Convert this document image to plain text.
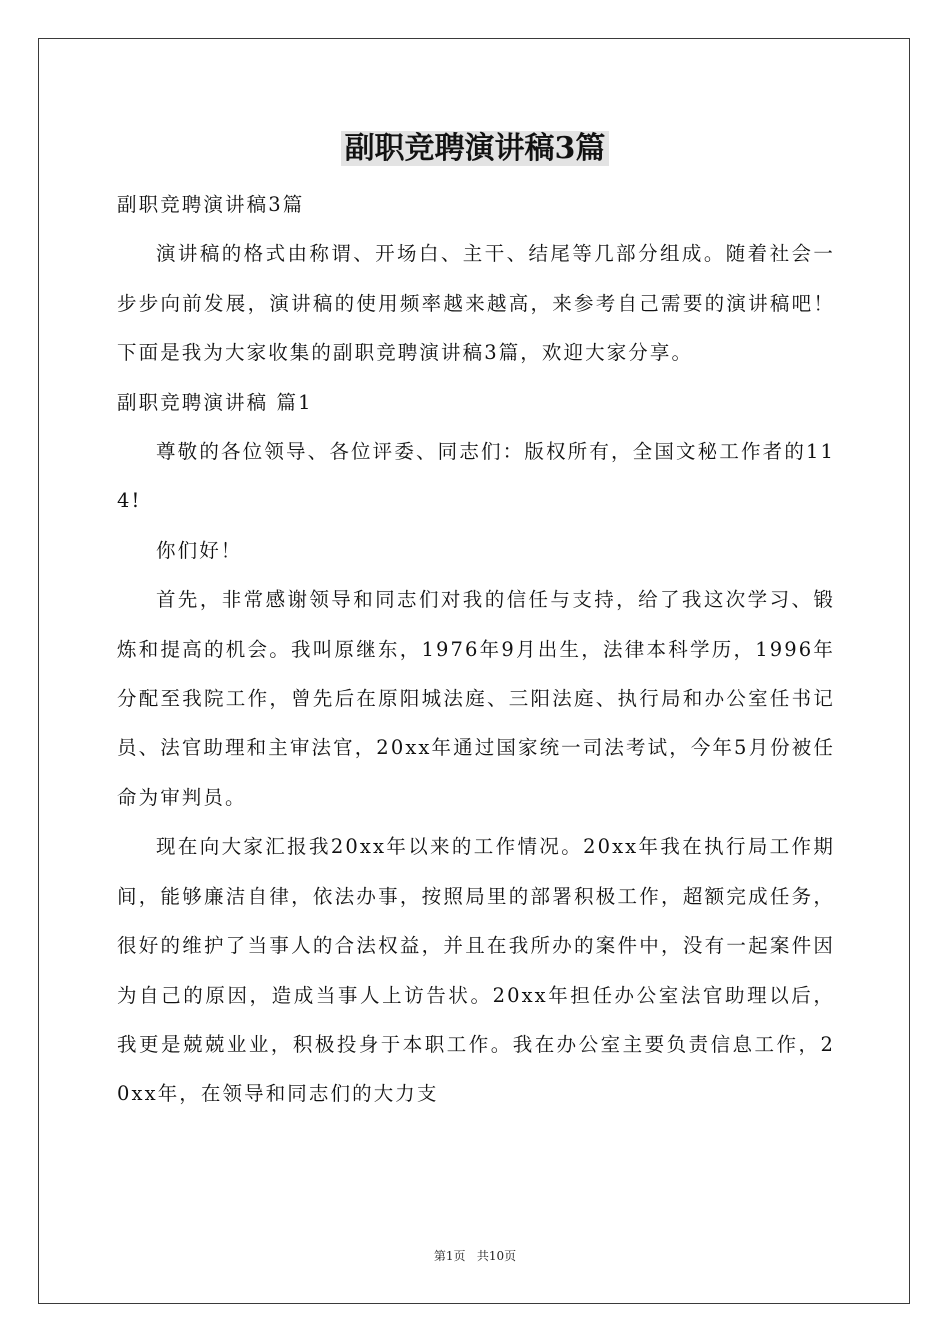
副职竞聘演讲稿3篇

副职竞聘演讲稿3篇

演讲稿的格式由称谓、开场白、主干、结尾等几部分组成。随着社会一步步向前发展，演讲稿的使用频率越来越高，来参考自己需要的演讲稿吧！下面是我为大家收集的副职竞聘演讲稿3篇，欢迎大家分享。

副职竞聘演讲稿 篇1

尊敬的各位领导、各位评委、同志们：版权所有，全国文秘工作者的114!

你们好！

首先，非常感谢领导和同志们对我的信任与支持，给了我这次学习、锻炼和提高的机会。我叫原继东，1976年9月出生，法律本科学历，1996年分配至我院工作，曾先后在原阳城法庭、三阳法庭、执行局和办公室任书记员、法官助理和主审法官，20xx年通过国家统一司法考试，今年5月份被任命为审判员。

现在向大家汇报我20xx年以来的工作情况。20xx年我在执行局工作期间，能够廉洁自律，依法办事，按照局里的部署积极工作，超额完成任务，很好的维护了当事人的合法权益，并且在我所办的案件中，没有一起案件因为自己的原因，造成当事人上访告状。20xx年担任办公室法官助理以后，我更是兢兢业业，积极投身于本职工作。我在办公室主要负责信息工作，20xx年，在领导和同志们的大力支

第1页   共10页
